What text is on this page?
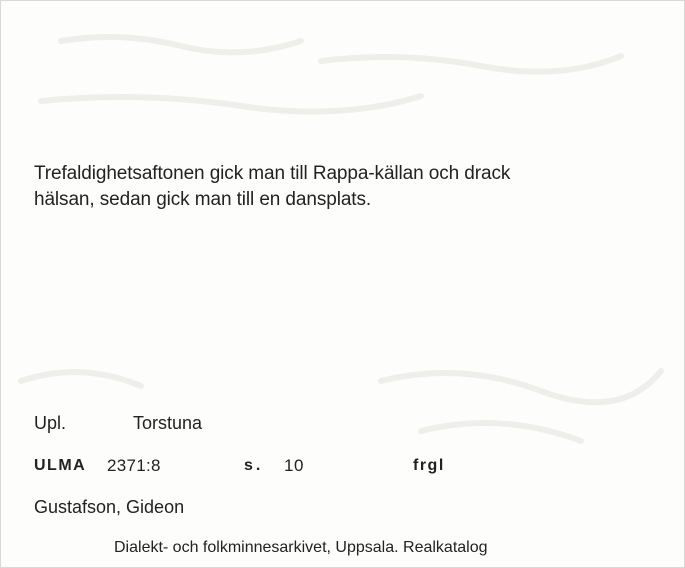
Trefaldighetsaftonen gick man till Rappa-källan och drack
hälsan, sedan gick man till en dansplats.
Upl.	Torstuna
ULMA 2371:8	s. 10	frgl
Gustafson, Gideon
Dialekt- och folkminnesarkivet, Uppsala. Realkatalog
